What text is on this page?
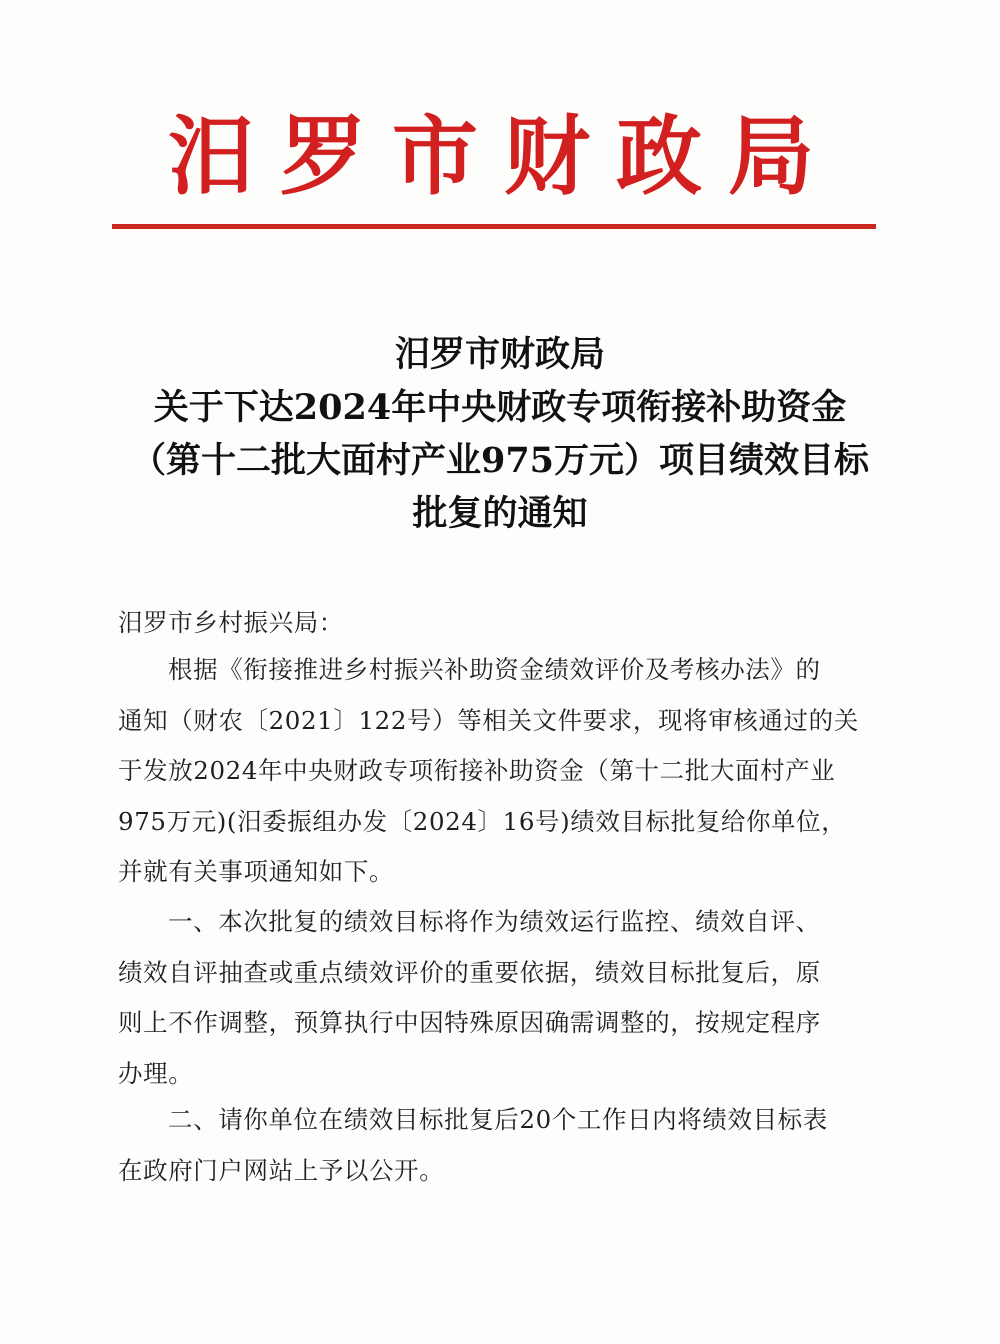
汨罗市财政局
汨罗市财政局
关于下达2024年中央财政专项衔接补助资金
（第十二批大面村产业975万元）项目绩效目标
批复的通知
汨罗市乡村振兴局：
根据《衔接推进乡村振兴补助资金绩效评价及考核办法》的
通知（财农〔2021〕122号）等相关文件要求，现将审核通过的关
于发放2024年中央财政专项衔接补助资金（第十二批大面村产业
975万元)(汨委振组办发〔2024〕16号)绩效目标批复给你单位，
并就有关事项通知如下。
一、本次批复的绩效目标将作为绩效运行监控、绩效自评、
绩效自评抽查或重点绩效评价的重要依据，绩效目标批复后，原
则上不作调整，预算执行中因特殊原因确需调整的，按规定程序
办理。
二、请你单位在绩效目标批复后20个工作日内将绩效目标表
在政府门户网站上予以公开。
